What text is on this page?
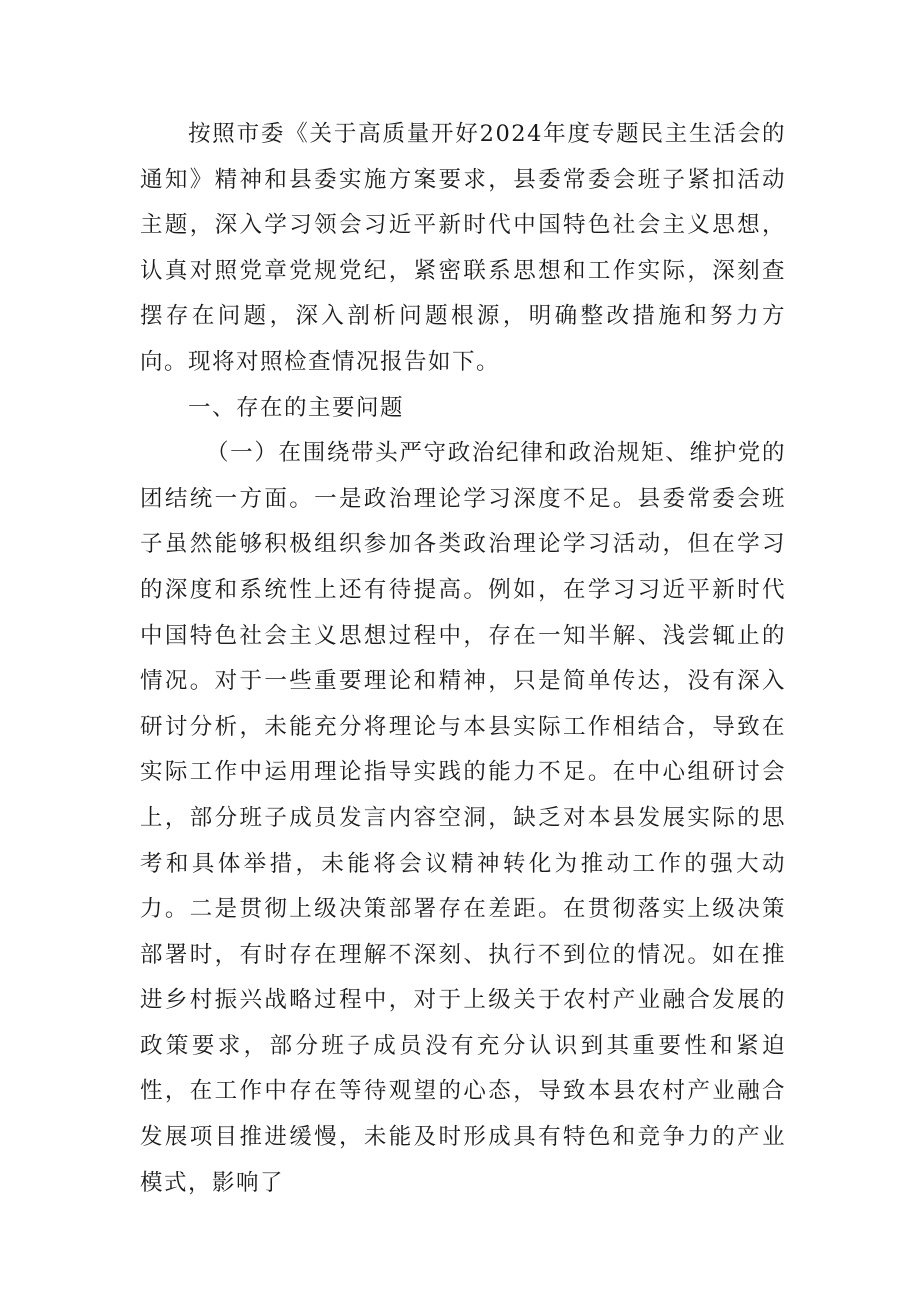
按照市委《关于高质量开好2024年度专题民主生活会的通知》精神和县委实施方案要求，县委常委会班子紧扣活动主题，深入学习领会习近平新时代中国特色社会主义思想，认真对照党章党规党纪，紧密联系思想和工作实际，深刻查摆存在问题，深入剖析问题根源，明确整改措施和努力方向。现将对照检查情况报告如下。

一、存在的主要问题

（一）在围绕带头严守政治纪律和政治规矩、维护党的团结统一方面。一是政治理论学习深度不足。县委常委会班子虽然能够积极组织参加各类政治理论学习活动，但在学习的深度和系统性上还有待提高。例如，在学习习近平新时代中国特色社会主义思想过程中，存在一知半解、浅尝辄止的情况。对于一些重要理论和精神，只是简单传达，没有深入研讨分析，未能充分将理论与本县实际工作相结合，导致在实际工作中运用理论指导实践的能力不足。在中心组研讨会上，部分班子成员发言内容空洞，缺乏对本县发展实际的思考和具体举措，未能将会议精神转化为推动工作的强大动力。二是贯彻上级决策部署存在差距。在贯彻落实上级决策部署时，有时存在理解不深刻、执行不到位的情况。如在推进乡村振兴战略过程中，对于上级关于农村产业融合发展的政策要求，部分班子成员没有充分认识到其重要性和紧迫性，在工作中存在等待观望的心态，导致本县农村产业融合发展项目推进缓慢，未能及时形成具有特色和竞争力的产业模式，影响了
